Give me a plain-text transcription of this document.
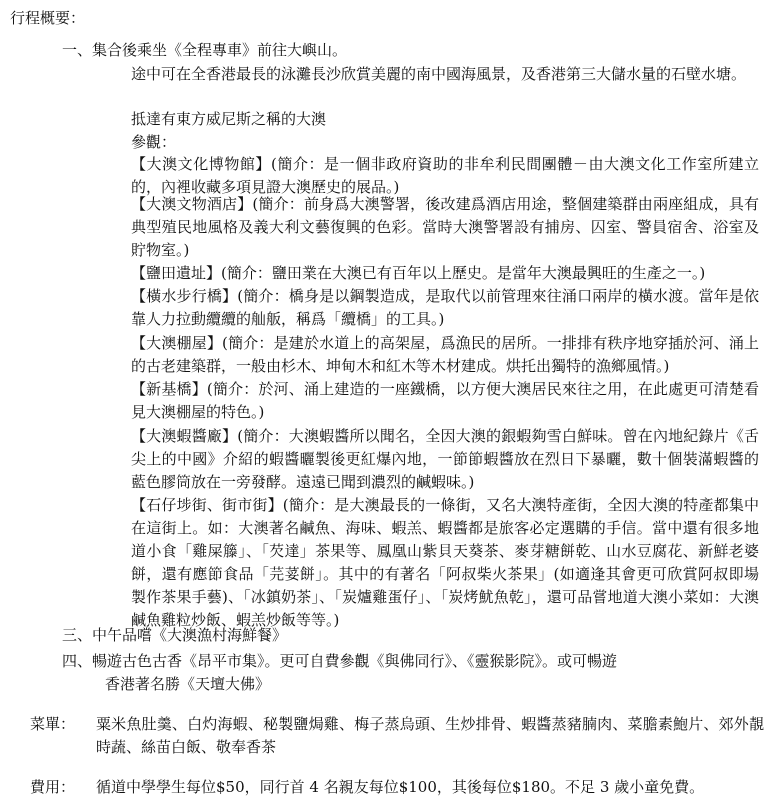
行程概要：
一、集合後乘坐《全程專車》前往大嶼山。
途中可在全香港最長的泳灘長沙欣賞美麗的南中國海風景，及香港第三大儲水量的石壁水塘。
抵達有東方威尼斯之稱的大澳
參觀：
【大澳文化博物館】(簡介：是一個非政府資助的非牟利民間團體－由大澳文化工作室所建立的，內裡收藏多項見證大澳歷史的展品。)
【大澳文物酒店】(簡介：前身爲大澳警署，後改建爲酒店用途，整個建築群由兩座組成，具有典型殖民地風格及義大利文藝復興的色彩。當時大澳警署設有捕房、囚室、警員宿舍、浴室及貯物室。)
【鹽田遺址】(簡介：鹽田業在大澳已有百年以上歷史。是當年大澳最興旺的生產之一。)
【橫水步行橋】(簡介：橋身是以鋼製造成，是取代以前管理來往涌口兩岸的橫水渡。當年是依靠人力拉動纜纜的舢舨，稱爲「纜橋」的工具。)
【大澳棚屋】(簡介：是建於水道上的高架屋，爲漁民的居所。一排排有秩序地穿插於河、涌上的古老建築群，一般由杉木、坤甸木和紅木等木材建成。烘托出獨特的漁鄉風情。)
【新基橋】(簡介：於河、涌上建造的一座鐵橋，以方便大澳居民來往之用，在此處更可清楚看見大澳棚屋的特色。)
【大澳蝦醬廠】(簡介：大澳蝦醬所以聞名，全因大澳的銀蝦夠雪白鮮味。曾在內地紀錄片《舌尖上的中國》介紹的蝦醬曬製後更紅爆內地，一節節蝦醬放在烈日下暴曬，數十個裝滿蝦醬的藍色膠筒放在一旁發酵。遠遠已聞到濃烈的鹹蝦味。)
【石仔埗街、街市街】(簡介：是大澳最長的一條街，又名大澳特產街，全因大澳的特產都集中在這街上。如：大澳著名鹹魚、海味、蝦羔、蝦醬都是旅客必定選購的手信。當中還有很多地道小食「雞屎籐」、「芡達」茶果等、鳳凰山紫貝天葵茶、麥芽糖餅乾、山水豆腐花、新鮮老婆餅，還有應節食品「芫荽餅」。其中的有著名「阿叔柴火茶果」(如適逢其會更可欣賞阿叔即場製作茶果手藝)、「冰鎮奶茶」、「炭爐雞蛋仔」、「炭烤魷魚乾」，還可品嘗地道大澳小菜如：大澳鹹魚雞粒炒飯、蝦羔炒飯等等。)
三、中午品嚐《大澳漁村海鮮餐》
四、暢遊古色古香《昂平市集》。更可自費參觀《與佛同行》、《靈猴影院》。或可暢遊
香港著名勝《天壇大佛》
菜單： 粟米魚肚羹、白灼海蝦、秘製鹽焗雞、梅子蒸烏頭、生炒排骨、蝦醬蒸豬腩肉、菜膽素鮑片、郊外靚時蔬、絲苗白飯、敬奉香茶
費用： 循道中學學生每位$50，同行首 4 名親友每位$100，其後每位$180。不足 3 歲小童免費。
